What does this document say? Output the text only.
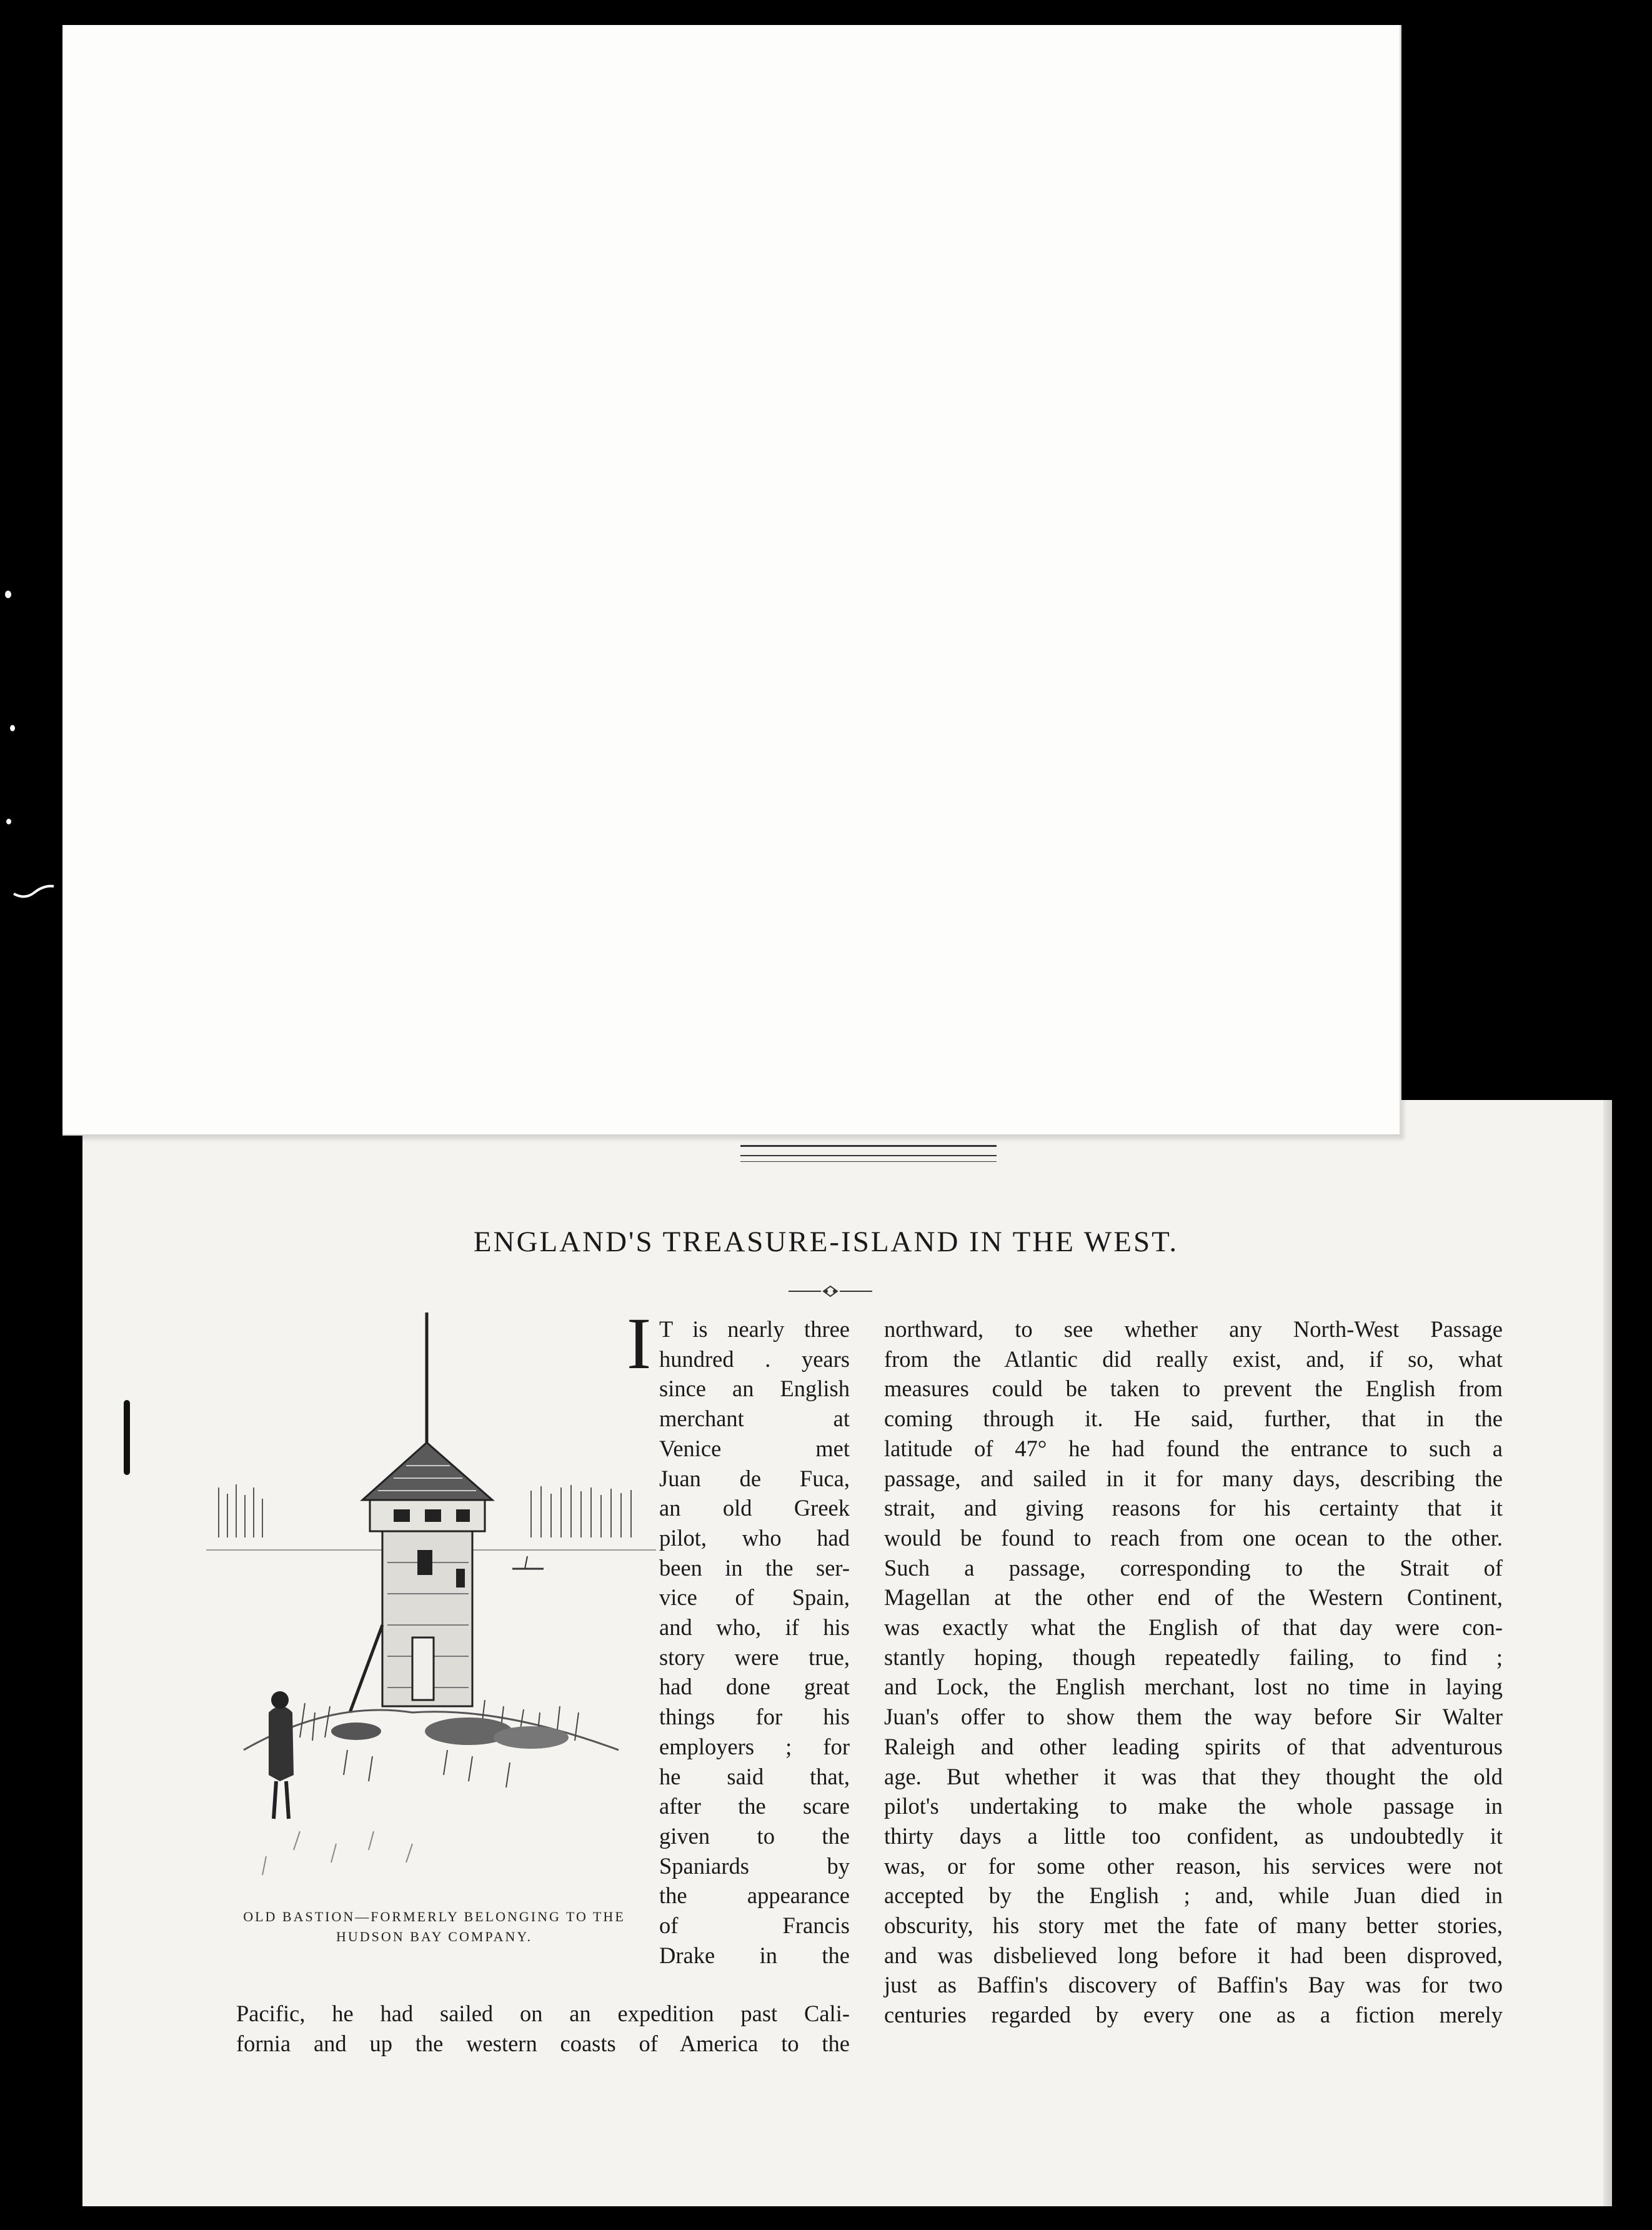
ENGLAND'S TREASURE-ISLAND IN THE WEST.
OLD BASTION—FORMERLY BELONGING TO THE
HUDSON BAY COMPANY.
I T is nearly three
hundred . years
since an English
merchant at
Venice met
Juan de Fuca,
an old Greek
pilot, who had
been in the ser-
vice of Spain,
and who, if his
story were true,
had done great
things for his
employers ; for
he said that,
after the scare
given to the
Spaniards by
the appearance
of Francis
Drake in the

Pacific, he had sailed on an expedition past Cali-
fornia and up the western coasts of America to the

northward, to see whether any North-West Passage
from the Atlantic did really exist, and, if so, what
measures could be taken to prevent the English from
coming through it. He said, further, that in the
latitude of 47° he had found the entrance to such a
passage, and sailed in it for many days, describing the
strait, and giving reasons for his certainty that it
would be found to reach from one ocean to the other.
Such a passage, corresponding to the Strait of
Magellan at the other end of the Western Continent,
was exactly what the English of that day were con-
stantly hoping, though repeatedly failing, to find ;
and Lock, the English merchant, lost no time in laying
Juan's offer to show them the way before Sir Walter
Raleigh and other leading spirits of that adventurous
age. But whether it was that they thought the old
pilot's undertaking to make the whole passage in
thirty days a little too confident, as undoubtedly it
was, or for some other reason, his services were not
accepted by the English ; and, while Juan died in
obscurity, his story met the fate of many better stories,
and was disbelieved long before it had been disproved,
just as Baffin's discovery of Baffin's Bay was for two
centuries regarded by every one as a fiction merely
